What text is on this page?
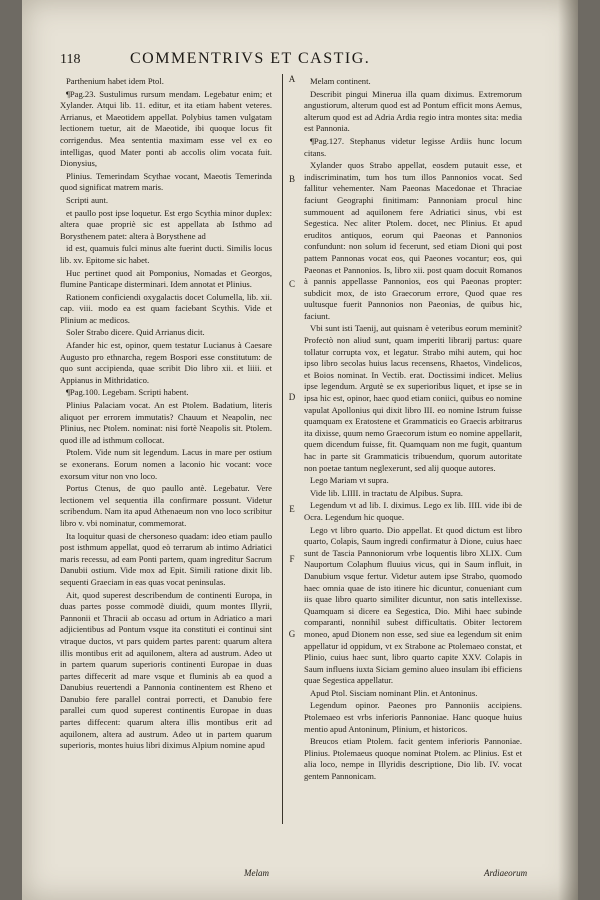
118	COMMENTRIVS ET CASTIG.

Parthenium habet idem Ptol.

¶Pag.23. Sustulimus rursum mendam. Legebatur enim; et Xylander. Atqui lib. 11. editur, et ita etiam habent veteres. Arrianus, et Maeotidem appellat. Polybius tamen vulgatam lectionem tuetur, ait de Maeotide, ibi quoque locus fit corrigendus. Mea sententia maximam esse vel ex eo intelligas, quod Mater ponti ab accolis olim vocata fuit. Dionysius,

Plinius. Temerindam Scythae vocant, Maeotis Temerinda quod significat matrem maris.

Scripti aunt.

et paullo post ipse loquetur. Est ergo Scythia minor duplex: altera quae propriè sic est appellata ab Isthmo ad Borysthenem patet: altera à Borysthene ad

id est, quamuis fulci minus alte fuerint ducti. Similis locus lib. xv. Epitome sic habet.

Huc pertinet quod ait Pomponius, Nomadas et Georgos, flumine Panticape disterminari. Idem annotat et Plinius.

Rationem conficiendi oxygalactis docet Columella, lib. xii. cap. viii. modo ea est quam faciebant Scythis. Vide et Plinium ac medicos.

Soler Strabo dicere. Quid Arrianus dicit.

Afander hic est, opinor, quem testatur Lucianus à Caesare Augusto pro ethnarcha, regem Bospori esse constitutum: de quo sunt accipienda, quae scribit Dio libro xii. et liiii. et Appianus in Mithridatico.

¶Pag.100. Legebam. Scripti habent.

Plinius Palaciam vocat. An est Ptolem. Badatium, literis aliquot per errorem immutatis? Chauum et Neapolin, nec Plinius, nec Ptolem. nominat: nisi fortè Neapolis sit. Ptolem. quod ille ad isthmum collocat.

Ptolem. Vide num sit legendum. Lacus in mare per ostium se exonerans. Eorum nomen a laconio hic vocant: voce exorsum vitur non vno loco.

Portus Ctenus, de quo paullo antè. Legebatur. Vere lectionem vel sequentia illa confirmare possunt. Videtur scribendum. Nam ita apud Athenaeum non vno loco scribitur libro v. vbi nominatur, commemorat.

Ita loquitur quasi de chersoneso quadam: ideo etiam paullo post isthmum appellat, quod eò terrarum ab intimo Adriatici maris recessu, ad eam Ponti partem, quam ingreditur Sacrum Danubii ostium. Vide mox ad Epit. Simili ratione dixit lib. sequenti Graeciam in eas quas vocat peninsulas.

Ait, quod superest describendum de continenti Europa, in duas partes posse commodè diuidi, quum montes Illyrii, Pannonii et Thracii ab occasu ad ortum in Adriatico a mari adjicientibus ad Pontum vsque ita constituti ei continui sint vtraque ductos, vt pars quidem partes parent: quarum altera illis montibus erit ad aquilonem, altera ad austrum. Adeo ut in partem quarum superioris continenti Europae in duas partes diffecerit ad mare vsque et fluminis ab ea quod a Danubius reuertendi a Pannonia continentem est Rheno et Danubio fere parallel contrai porrecti, et Danubio fere parallei cum quod superest continentis Europae in duas partes diffecent: quarum altera illis montibus erit ad aquilonem, altera ad austrum. Adeo ut in partem quarum superioris, montes huius libri diximus Alpium nomine apud

A
B
C
D
E
F
G

Melam continent.

Describit pingui Minerua illa quam diximus. Extremorum angustiorum, alterum quod est ad Pontum efficit mons Aemus, alterum quod est ad Adria Ardia regio intra montes sita: media est Pannonia.

¶Pag.127. Stephanus videtur legisse Ardiis hunc locum citans.

Xylander quos Strabo appellat, eosdem putauit esse, et indiscriminatim, tum hos tum illos Pannonios vocat. Sed fallitur vehementer. Nam Paeonas Macedonae et Thraciae faciunt Geographi finitimam: Pannoniam procul hinc summouent ad aquilonem fere Adriatici sinus, vbi est Segestica. Nec aliter Ptolem. docet, nec Plinius. Et apud eruditos antiquos, eorum qui Paeonas et Pannonios confundunt: non solum id fecerunt, sed etiam Dioni qui post pattem Pannonas vocat eos, qui Paeones vocantur; eos, qui Paeonas et Pannonios. Is, libro xii. post quam docuit Romanos à pannis appellasse Pannonios, eos qui Paeonas propter: subdicit mox, de isto Graecorum errore, Quod quae res uultusque fuerit Pannonios non Paeonias, de quibus hic, faciunt.

Vbi sunt isti Taenij, aut quisnam è veteribus eorum meminit? Profectò non aliud sunt, quam imperiti librarij partus: quare tollatur corrupta vox, et legatur. Strabo mihi autem, qui hoc ipso libro secolas huius lacus recensens, Rhaetos, Vindelicos, et Boios nominat. In Vectib. erat. Doctissimi indicet. Melius ipse legendum. Argutè se ex superioribus liquet, et ipse se in ipsa hic est, opinor, haec quod etiam coniici, quibus eo nomine vapulat Apollonius qui dixit libro III. eo nomine Istrum fuisse quamquam ex Eratostene et Grammaticis eo Graecis arbitrarus ita dixisse, quum nemo Graecorum istum eo nomine appellarit, quem dicendum fuisse, fit. Quamquam non me fugit, quantum hac in parte sit Grammaticis tribuendum, quorum autoritate non poetae tantum neglexerunt, sed alij quoque autores.

Lego Mariam vt supra.

Vide lib. LIIII. in tractatu de Alpibus. Supra.

Legendum vt ad lib. I. diximus. Lego ex lib. IIII. vide ibi de Ocra. Legendum hic quoque.

Lego vt libro quarto. Dio appellat. Et quod dictum est libro quarto, Colapis, Saum ingredi confirmatur à Dione, cuius haec sunt de Tascia Pannoniorum vrbe loquentis libro XLIX. Cum Nauportum Colaphum fluuius vicus, qui in Saum influit, in Danubium vsque fertur. Videtur autem ipse Strabo, quomodo haec omnia quae de isto itinere hic dicuntur, conueniant cum iis quae libro quarto similiter dicuntur, non satis intellexisse. Quamquam si dicere ea Segestica, Dio. Mihi haec subinde comparanti, nonnihil subest difficultatis. Obiter lectorem moneo, apud Dionem non esse, sed siue ea legendum sit enim appellatur id oppidum, vt ex Strabone ac Ptolemaeo constat, et Plinio, cuius haec sunt, libro quarto capite XXV. Colapis in Saum influens iuxta Siciam gemino alueo insulam ibi efficiens quae Segestica appellatur.

Apud Ptol. Sisciam nominant Plin. et Antoninus.

Legendum opinor. Paeones pro Pannoniis accipiens. Ptolemaeo est vrbs inferioris Pannoniae. Hanc quoque huius mentio apud Antoninum, Plinium, et historicos.

Breucos etiam Ptolem. facit gentem inferioris Pannoniae. Plinius. Ptolemaeus quoque nominat Ptolem. ac Plinius. Est et alia loco, nempe in Illyridis descriptione, Dio lib. IV. vocat gentem Pannonicam.

Melam	Ardiaeorum
